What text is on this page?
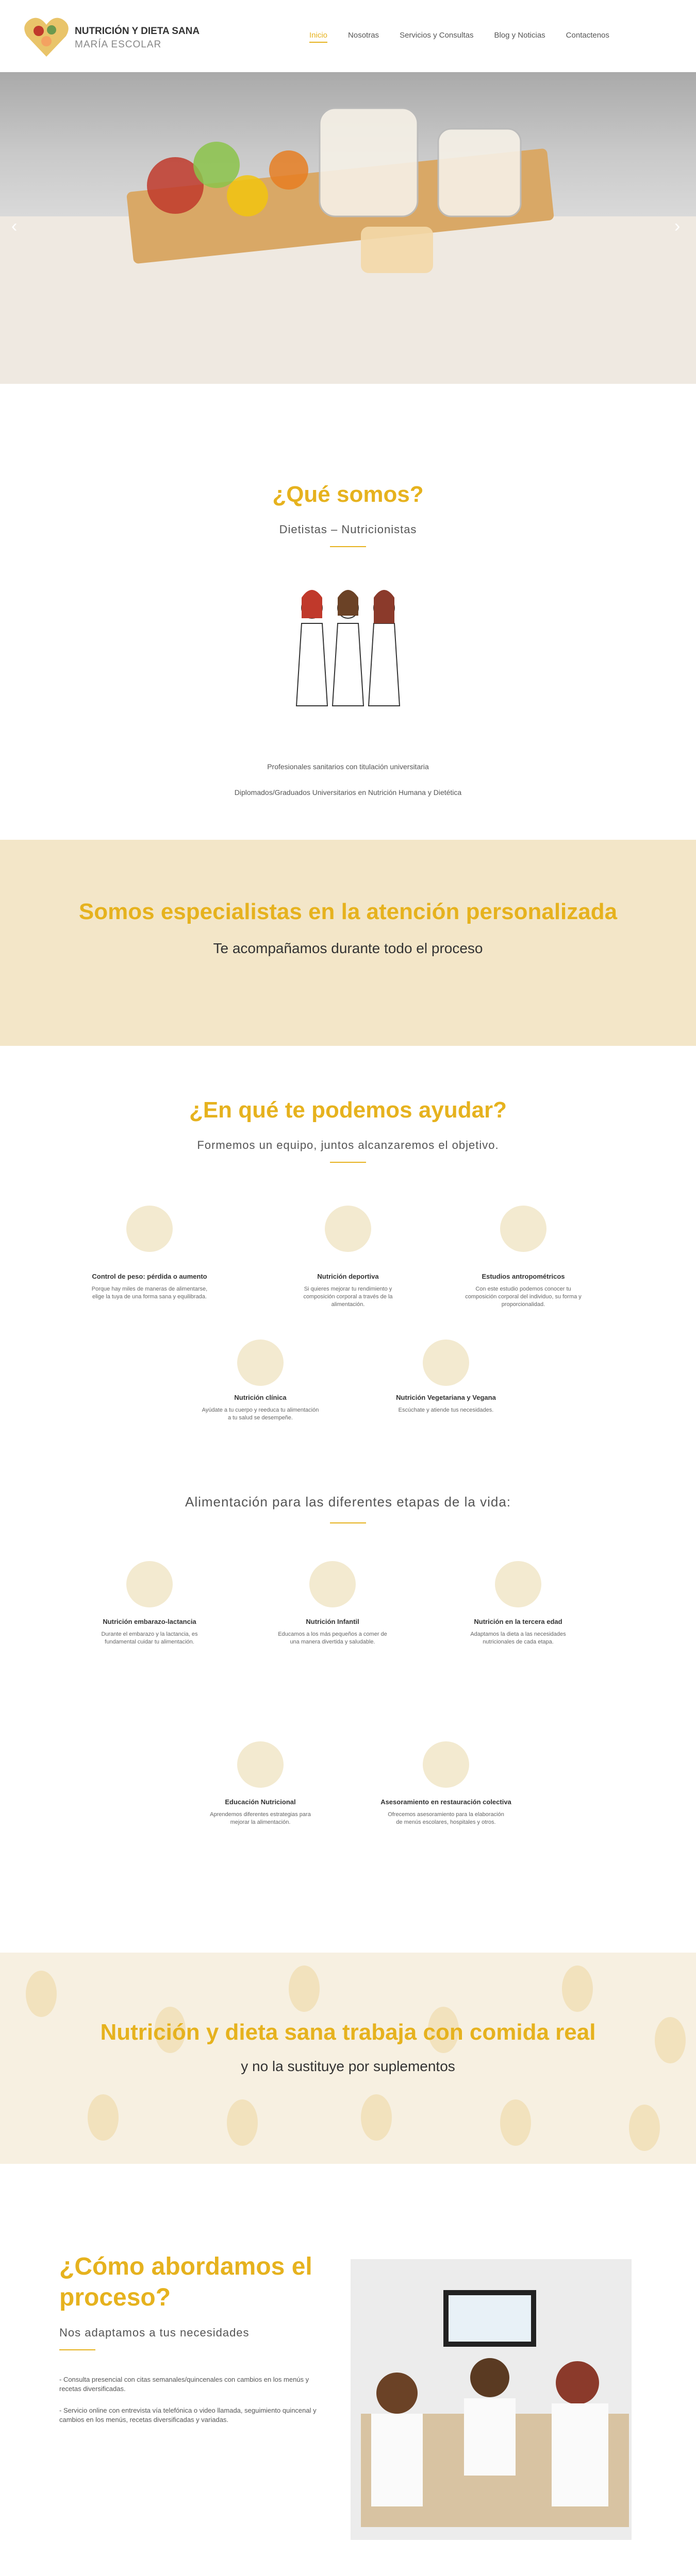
‹	›
NUTRICIÓN Y DIETA SANA
MARÍA ESCOLAR
Inicio	Nosotras	Servicios y Consultas	Blog y Noticias	Contactenos
¿Qué somos?
Dietistas – Nutricionistas
Profesionales sanitarios con titulación universitaria
Diplomados/Graduados Universitarios en Nutrición Humana y Dietética
Somos especialistas en la atención personalizada
Te acompañamos durante todo el proceso
¿En qué te podemos ayudar?
Formemos un equipo, juntos alcanzaremos el objetivo.
Control de peso: pérdida o aumento
Porque hay miles de maneras de alimentarse, elige la tuya de una forma sana y equilibrada.
Nutrición deportiva
Si quieres mejorar tu rendimiento y composición corporal a través de la alimentación.
Estudios antropométricos
Con este estudio podemos conocer tu composición corporal del individuo, su forma y proporcionalidad.
Nutrición clínica
Ayúdate a tu cuerpo y reeduca tu alimentación a tu salud se desempeñe.
Nutrición Vegetariana y Vegana
Escúchate y atiende tus necesidades.
Alimentación para las diferentes etapas de la vida:
Nutrición embarazo-lactancia
Durante el embarazo y la lactancia, es fundamental cuidar tu alimentación.
Nutrición Infantil
Educamos a los más pequeños a comer de una manera divertida y saludable.
Nutrición en la tercera edad
Adaptamos la dieta a las necesidades nutricionales de cada etapa.
Educación Nutricional
Aprendemos diferentes estrategias para mejorar la alimentación.
Asesoramiento en restauración colectiva
Ofrecemos asesoramiento para la elaboración de menús escolares, hospitales y otros.
Nutrición y dieta sana trabaja con comida real
y no la sustituye por suplementos
¿Cómo abordamos el proceso?
Nos adaptamos a tus necesidades
- Consulta presencial con citas semanales/quincenales con cambios en los menús y recetas diversificadas.
- Servicio online con entrevista vía telefónica o video llamada, seguimiento quincenal y cambios en los menús, recetas diversificadas y variadas.
